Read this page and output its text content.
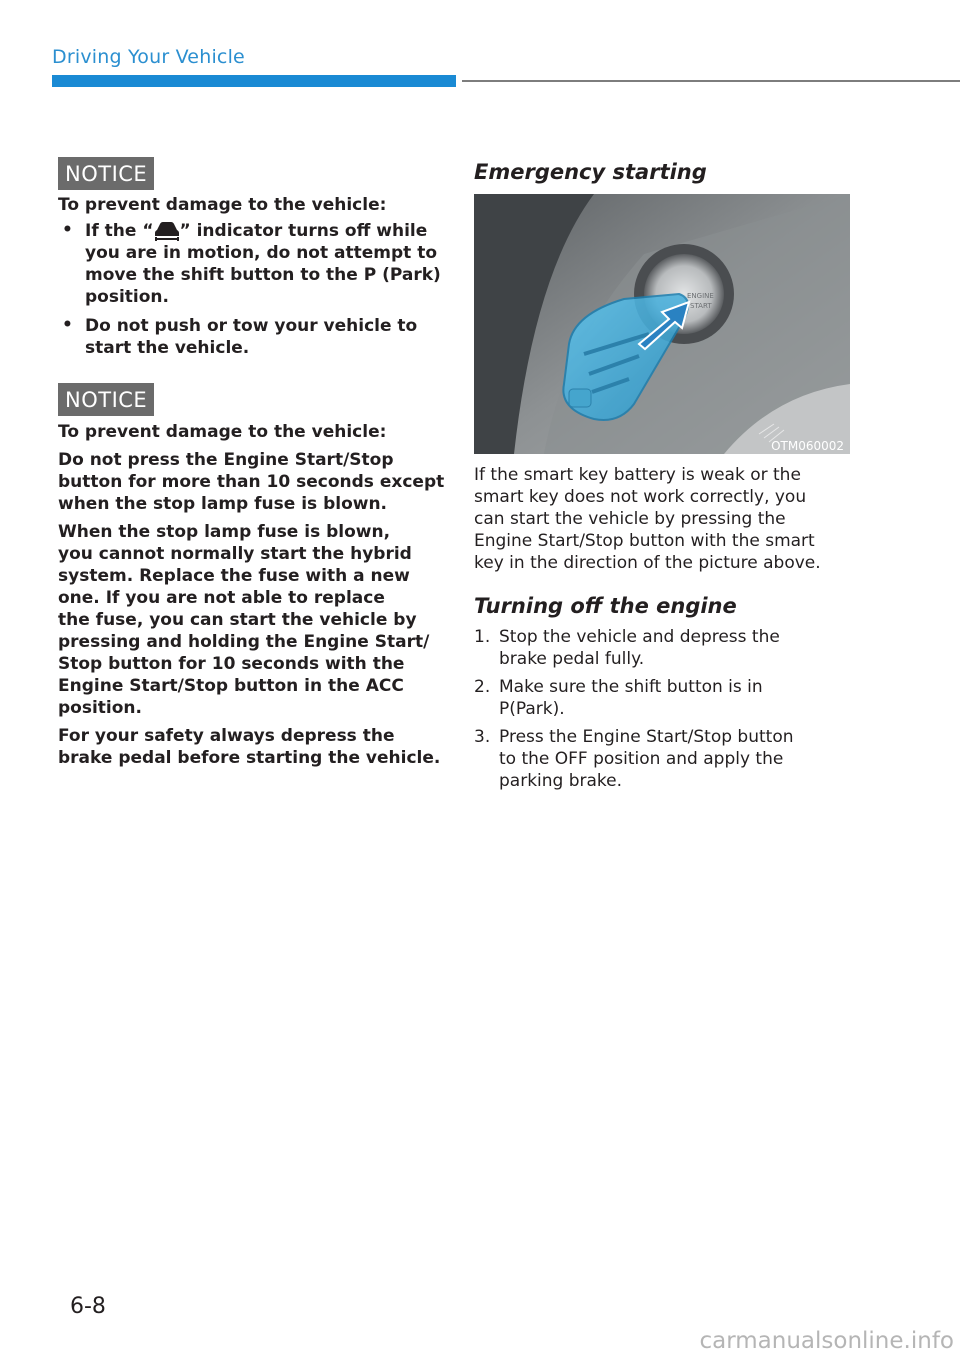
Driving Your Vehicle
NOTICE
To prevent damage to the vehicle:
• If the “ ” indicator turns off while
you are in motion, do not attempt to
move the shift button to the P (Park)
position.
• Do not push or tow your vehicle to
start the vehicle.
NOTICE
To prevent damage to the vehicle:
Do not press the Engine Start/Stop
button for more than 10 seconds except
when the stop lamp fuse is blown.
When the stop lamp fuse is blown,
you cannot normally start the hybrid
system. Replace the fuse with a new
one. If you are not able to replace
the fuse, you can start the vehicle by
pressing and holding the Engine Start/
Stop button for 10 seconds with the
Engine Start/Stop button in the ACC
position.
For your safety always depress the
brake pedal before starting the vehicle.
Emergency starting
ENGINE
START
OTM060002
If the smart key battery is weak or the
smart key does not work correctly, you
can start the vehicle by pressing the
Engine Start/Stop button with the smart
key in the direction of the picture above.
Turning off the engine
1. Stop the vehicle and depress the
brake pedal fully.
2. Make sure the shift button is in
P(Park).
3. Press the Engine Start/Stop button
to the OFF position and apply the
parking brake.
6-8
carmanualsonline.info
